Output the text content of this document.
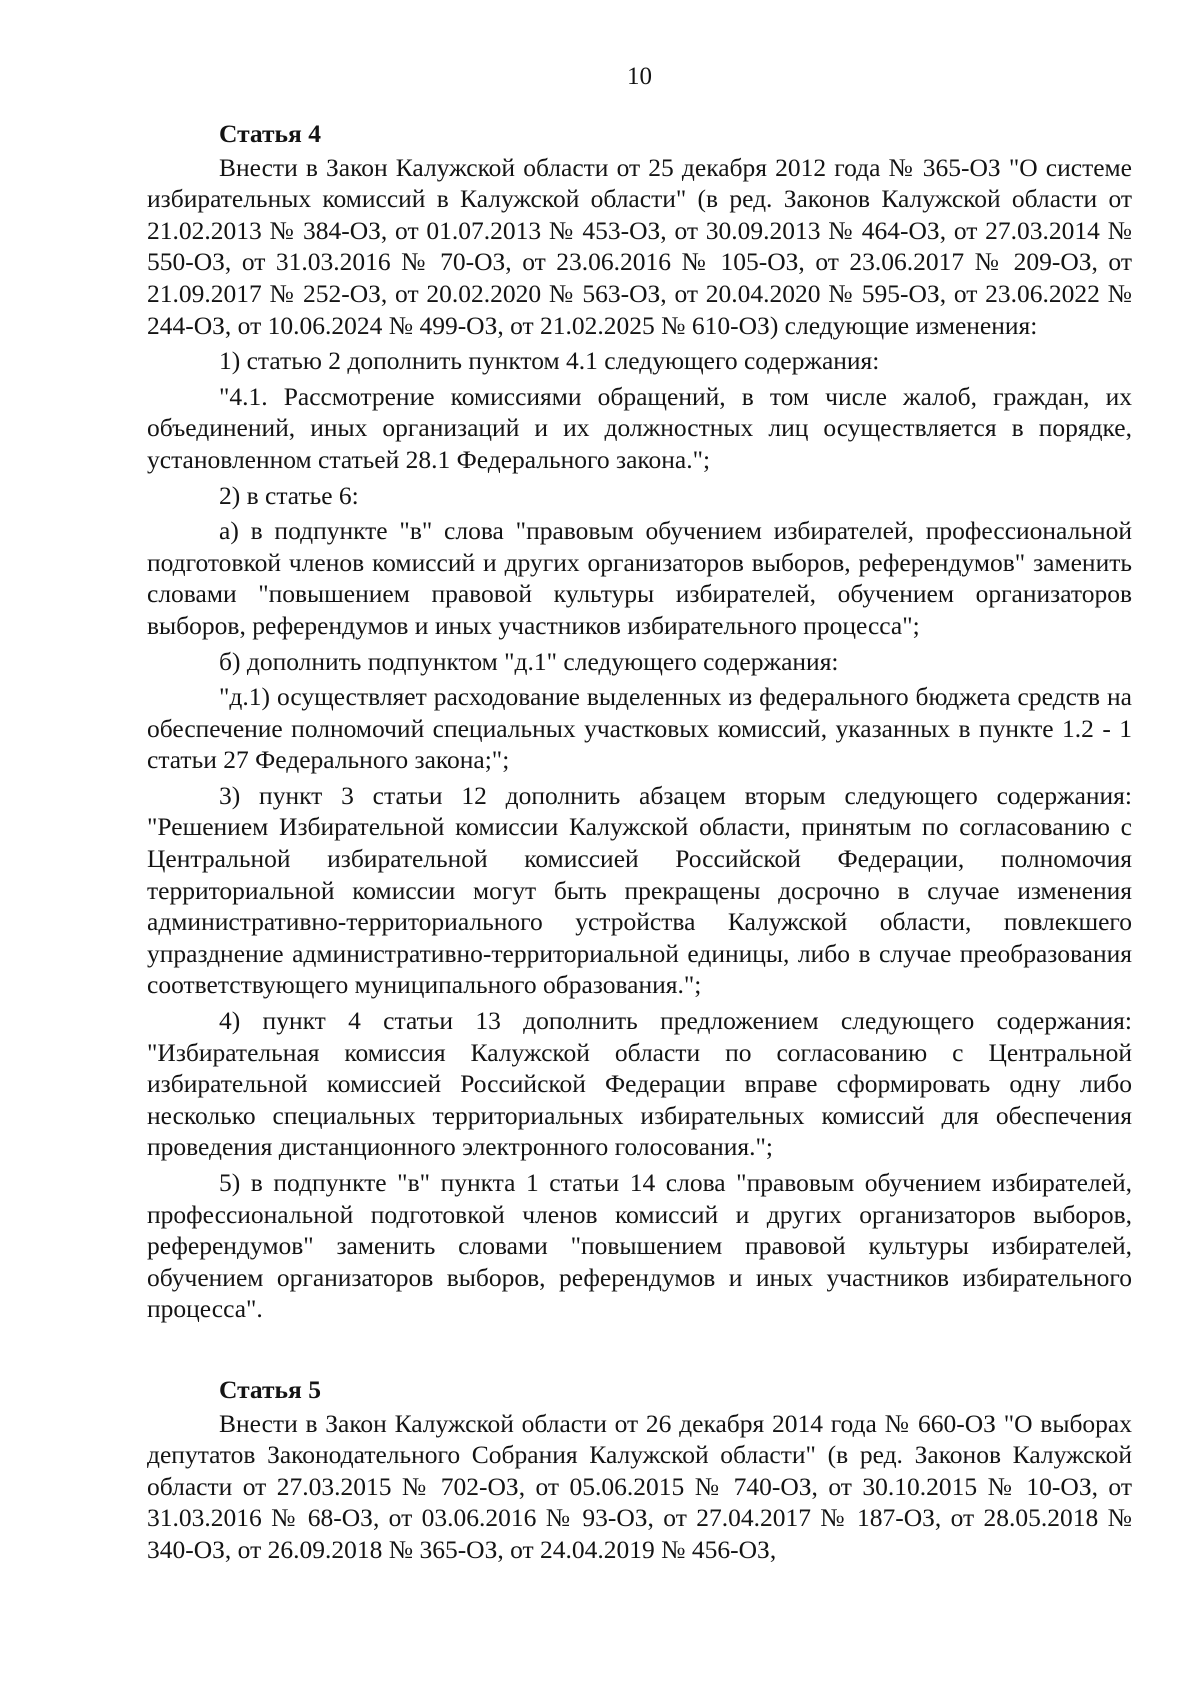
10
Статья 4

Внести в Закон Калужской области от 25 декабря 2012 года № 365-ОЗ "О системе избирательных комиссий в Калужской области" (в ред. Законов Калужской области от 21.02.2013 № 384-ОЗ, от 01.07.2013 № 453-ОЗ, от 30.09.2013 № 464-ОЗ, от 27.03.2014 № 550-ОЗ, от 31.03.2016 № 70-ОЗ, от 23.06.2016 № 105-ОЗ, от 23.06.2017 № 209-ОЗ, от 21.09.2017 № 252-ОЗ, от 20.02.2020 № 563-ОЗ, от 20.04.2020 № 595-ОЗ, от 23.06.2022 № 244-ОЗ, от 10.06.2024 № 499-ОЗ, от 21.02.2025 № 610-ОЗ) следующие изменения:

1) статью 2 дополнить пунктом 4.1 следующего содержания:

"4.1. Рассмотрение комиссиями обращений, в том числе жалоб, граждан, их объединений, иных организаций и их должностных лиц осуществляется в порядке, установленном статьей 28.1 Федерального закона.";

2) в статье 6:

а) в подпункте "в" слова "правовым обучением избирателей, профессиональной подготовкой членов комиссий и других организаторов выборов, референдумов" заменить словами "повышением правовой культуры избирателей, обучением организаторов выборов, референдумов и иных участников избирательного процесса";

б) дополнить подпунктом "д.1" следующего содержания:

"д.1) осуществляет расходование выделенных из федерального бюджета средств на обеспечение полномочий специальных участковых комиссий, указанных в пункте 1.2 - 1 статьи 27 Федерального закона;";

3) пункт 3 статьи 12 дополнить абзацем вторым следующего содержания: "Решением Избирательной комиссии Калужской области, принятым по согласованию с Центральной избирательной комиссией Российской Федерации, полномочия территориальной комиссии могут быть прекращены досрочно в случае изменения административно-территориального устройства Калужской области, повлекшего упразднение административно-территориальной единицы, либо в случае преобразования соответствующего муниципального образования.";

4) пункт 4 статьи 13 дополнить предложением следующего содержания: "Избирательная комиссия Калужской области по согласованию с Центральной избирательной комиссией Российской Федерации вправе сформировать одну либо несколько специальных территориальных избирательных комиссий для обеспечения проведения дистанционного электронного голосования.";

5) в подпункте "в" пункта 1 статьи 14 слова "правовым обучением избирателей, профессиональной подготовкой членов комиссий и других организаторов выборов, референдумов" заменить словами "повышением правовой культуры избирателей, обучением организаторов выборов, референдумов и иных участников избирательного процесса".

Статья 5

Внести в Закон Калужской области от 26 декабря 2014 года № 660-ОЗ "О выборах депутатов Законодательного Собрания Калужской области" (в ред. Законов Калужской области от 27.03.2015 № 702-ОЗ, от 05.06.2015 № 740-ОЗ, от 30.10.2015 № 10-ОЗ, от 31.03.2016 № 68-ОЗ, от 03.06.2016 № 93-ОЗ, от 27.04.2017 № 187-ОЗ, от 28.05.2018 № 340-ОЗ, от 26.09.2018 № 365-ОЗ, от 24.04.2019 № 456-ОЗ,
